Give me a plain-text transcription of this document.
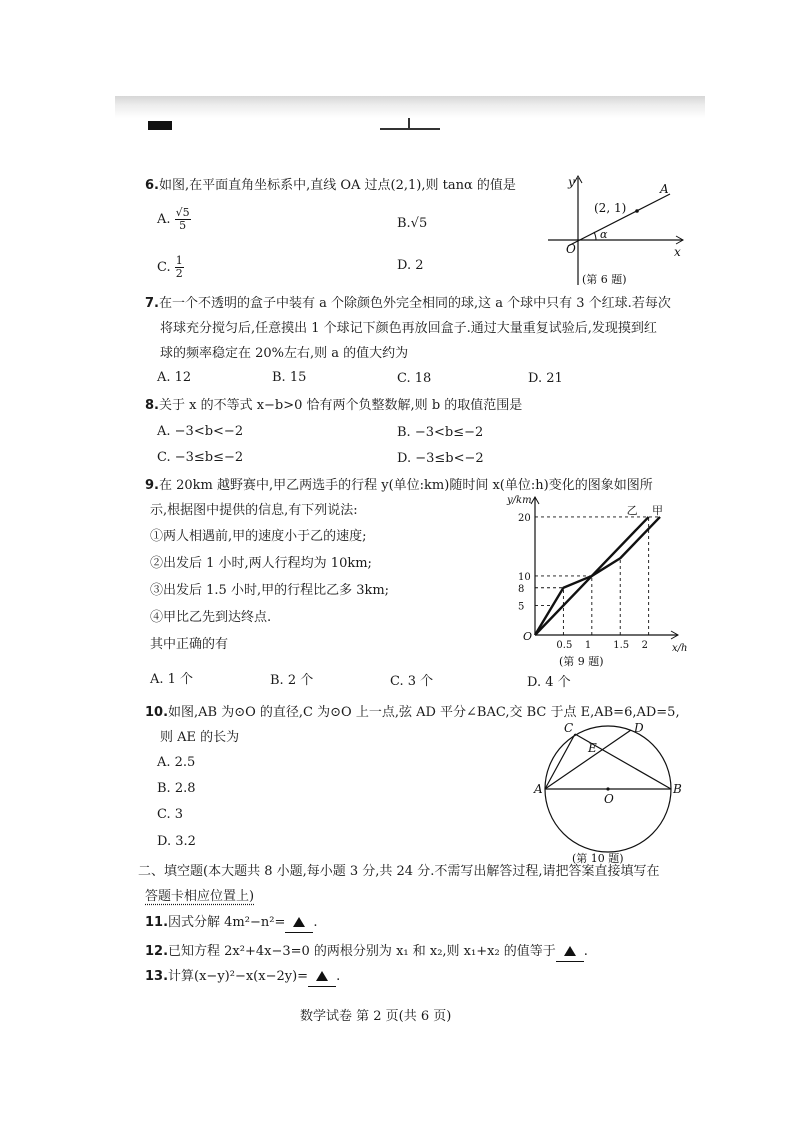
6.如图,在平面直角坐标系中,直线 OA 过点(2,1),则 tanα 的值是
A. $\frac{√5}{5}$	B.√5
C. $\frac{1}{2}$	D. 2
y
x
O
A
(2, 1)
α
(第 6 题)
7.在一个不透明的盒子中装有 a 个除颜色外完全相同的球,这 a 个球中只有 3 个红球.若每次
将球充分搅匀后,任意摸出 1 个球记下颜色再放回盒子.通过大量重复试验后,发现摸到红
球的频率稳定在 20%左右,则 a 的值大约为
A. 12	B. 15	C. 18	D. 21
8.关于 x 的不等式 x−b>0 恰有两个负整数解,则 b 的取值范围是
A. −3<b<−2	B. −3<b≤−2
C. −3≤b≤−2	D. −3≤b<−2
9.在 20km 越野赛中,甲乙两选手的行程 y(单位:km)随时间 x(单位:h)变化的图象如图所
示,根据图中提供的信息,有下列说法:
①两人相遇前,甲的速度小于乙的速度;
②出发后 1 小时,两人行程均为 10km;
③出发后 1.5 小时,甲的行程比乙多 3km;
④甲比乙先到达终点.
其中正确的有
A. 1 个	B. 2 个	C. 3 个	D. 4 个
0.5 1 1.5 2
5
8
10
20
甲
乙
O
y/km
x/h
(第 9 题)
10.如图,AB 为⊙O 的直径,C 为⊙O 上一点,弦 AD 平分∠BAC,交 BC 于点 E,AB=6,AD=5,
则 AE 的长为
A. 2.5
B. 2.8
C. 3
D. 3.2
A	B
C	D
E
O
(第 10 题)
二、填空题(本大题共 8 小题,每小题 3 分,共 24 分.不需写出解答过程,请把答案直接填写在
答题卡相应位置上)
11.因式分解 4m²−n²= .
12.已知方程 2x²+4x−3=0 的两根分别为 x₁ 和 x₂,则 x₁+x₂ 的值等于 .
13.计算(x−y)²−x(x−2y)= .
数学试卷 第 2 页(共 6 页)
